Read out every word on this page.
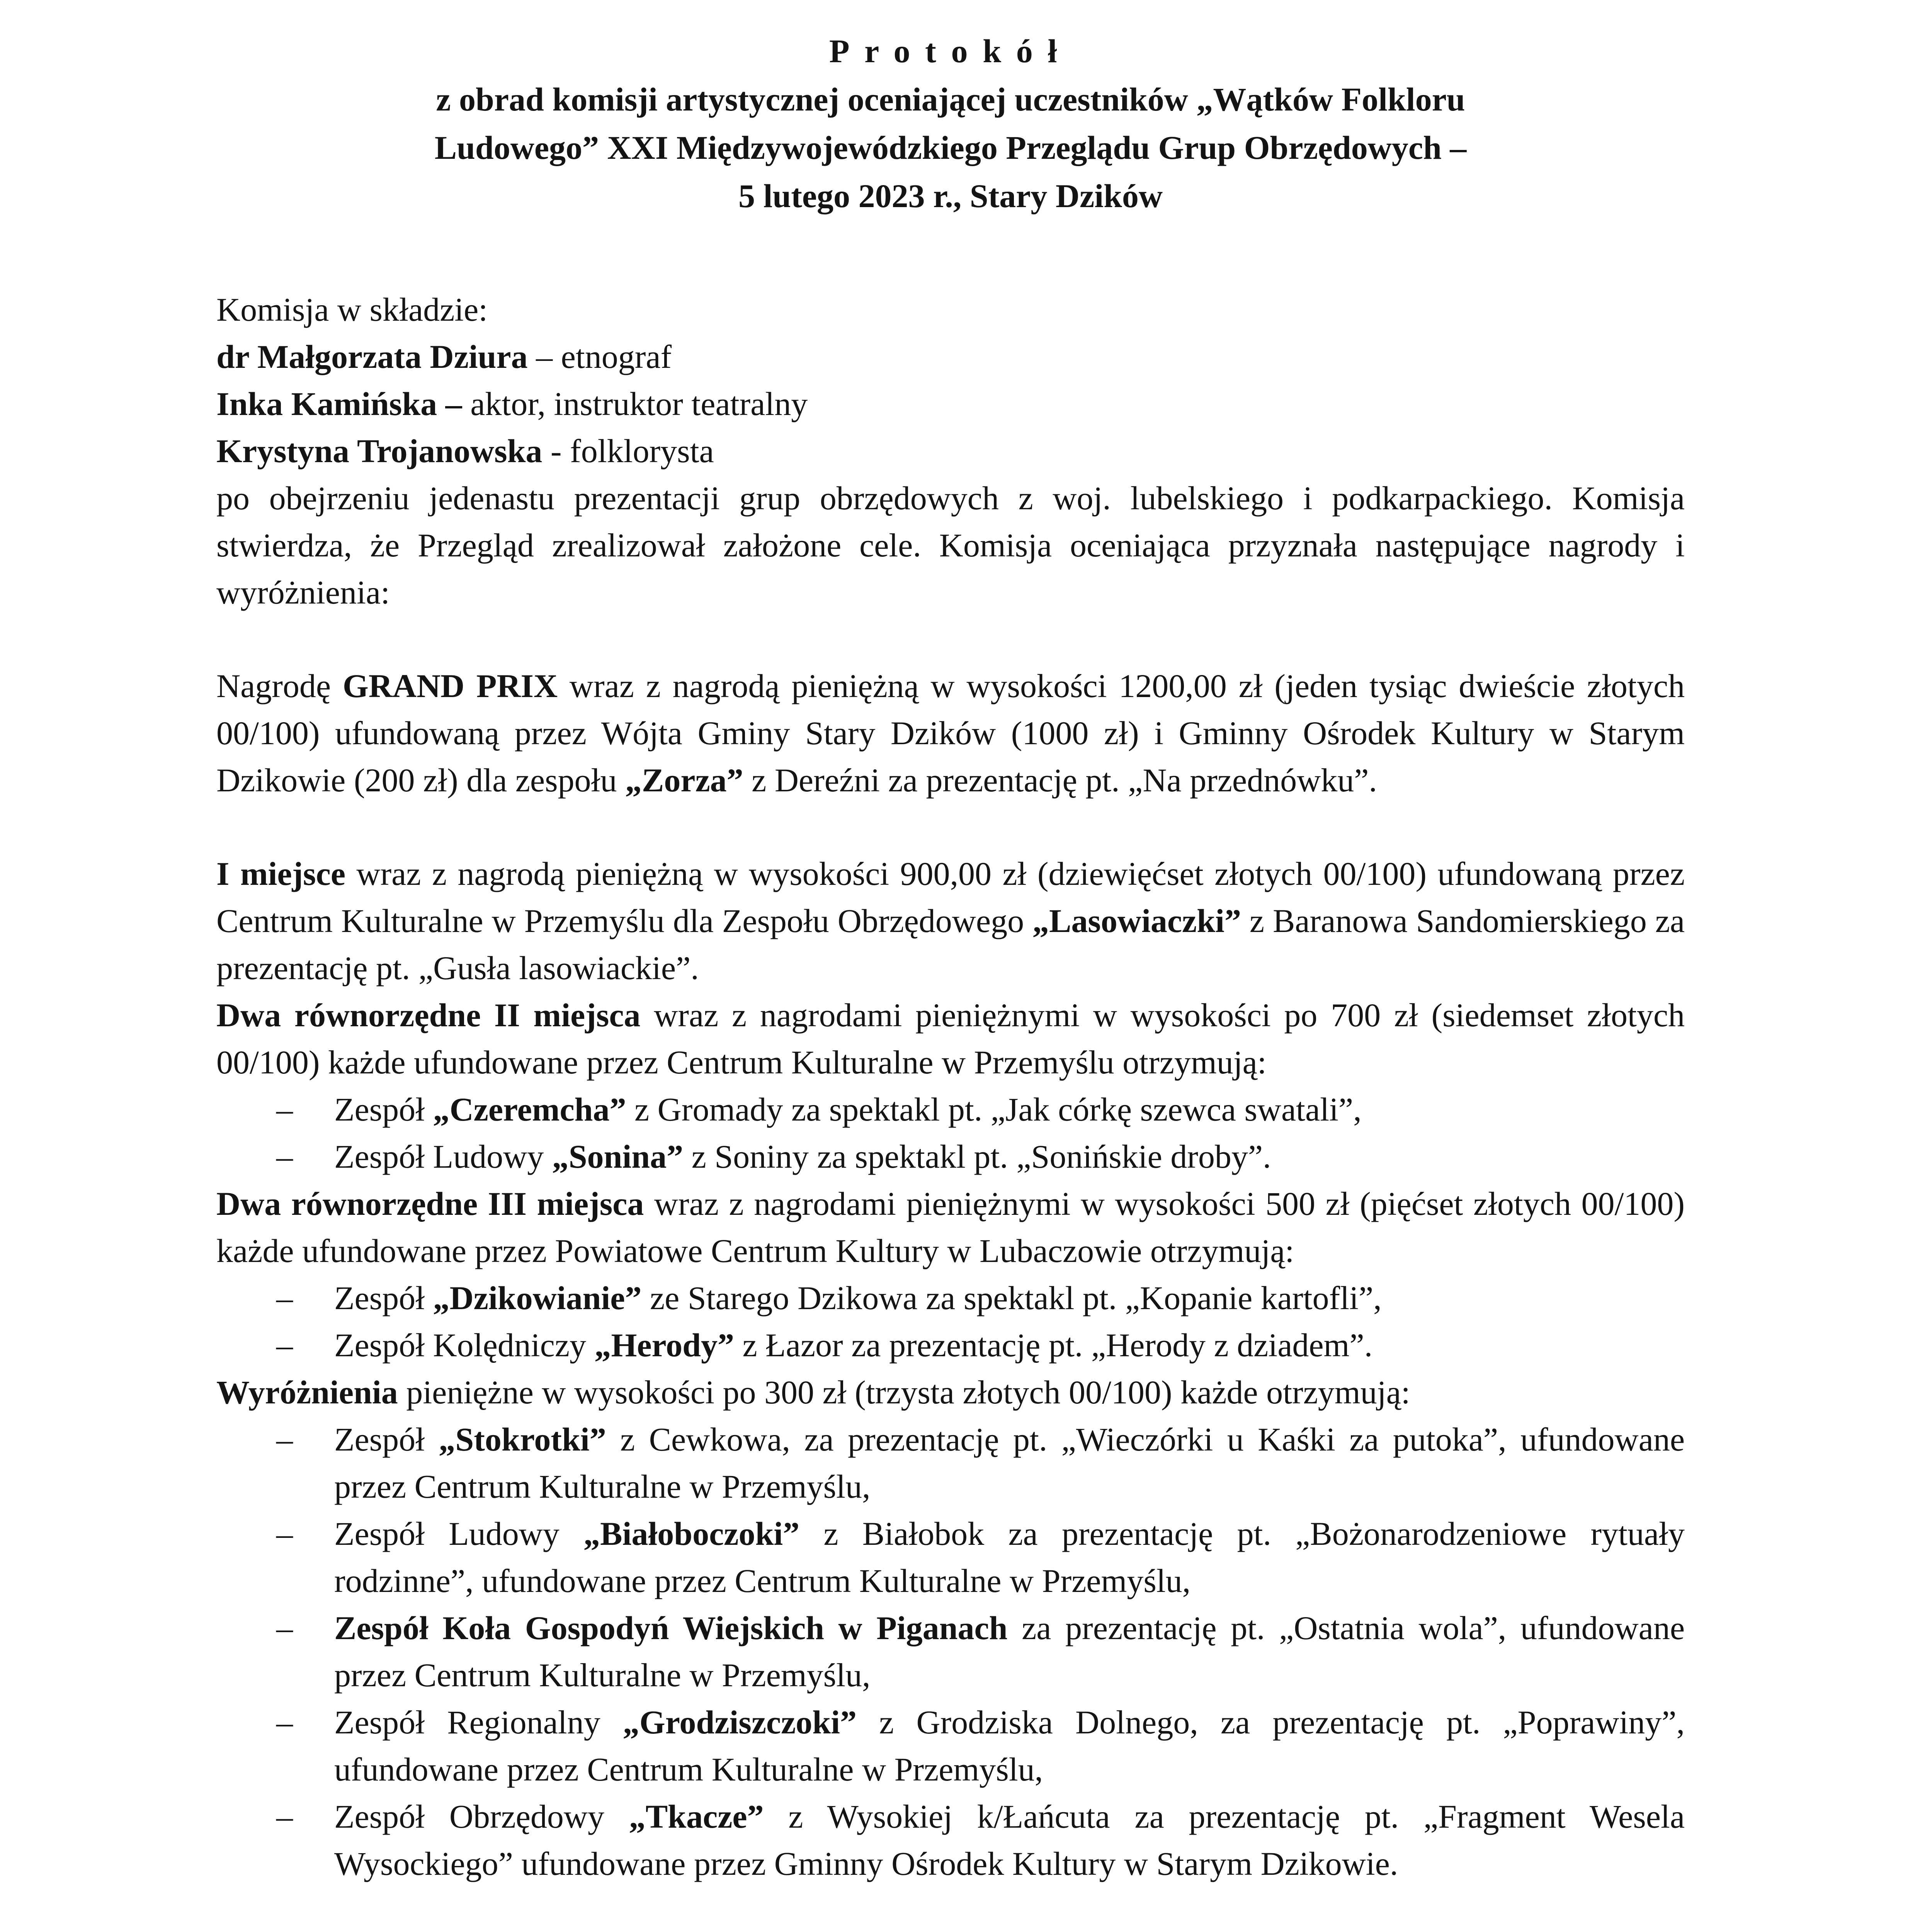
Protokół
z obrad komisji artystycznej oceniającej uczestników „Wątków Folkloru
Ludowego” XXI Międzywojewódzkiego Przeglądu Grup Obrzędowych –
5 lutego 2023 r., Stary Dzików

Komisja w składzie:

dr Małgorzata Dziura – etnograf

Inka Kamińska – aktor, instruktor teatralny

Krystyna Trojanowska - folklorysta

po obejrzeniu jedenastu prezentacji grup obrzędowych z woj. lubelskiego i podkarpackiego. Komisja stwierdza, że Przegląd zrealizował założone cele. Komisja oceniająca przyznała następujące nagrody i wyróżnienia:

Nagrodę GRAND PRIX wraz z nagrodą pieniężną w wysokości 1200,00 zł (jeden tysiąc dwieście złotych 00/100) ufundowaną przez Wójta Gminy Stary Dzików (1000 zł) i Gminny Ośrodek Kultury w Starym Dzikowie (200 zł) dla zespołu „Zorza” z Dereźni za prezentację pt. „Na przednówku”.

I miejsce wraz z nagrodą pieniężną w wysokości 900,00 zł (dziewięćset złotych 00/100) ufundowaną przez Centrum Kulturalne w Przemyślu dla Zespołu Obrzędowego „Lasowiaczki” z Baranowa Sandomierskiego za prezentację pt. „Gusła lasowiackie”.

Dwa równorzędne II miejsca wraz z nagrodami pieniężnymi w wysokości po 700 zł (siedemset złotych 00/100) każde ufundowane przez Centrum Kulturalne w Przemyślu otrzymują:

– Zespół „Czeremcha” z Gromady za spektakl pt. „Jak córkę szewca swatali”,
– Zespół Ludowy „Sonina” z Soniny za spektakl pt. „Sonińskie droby”.

Dwa równorzędne III miejsca wraz z nagrodami pieniężnymi w wysokości 500 zł (pięćset złotych 00/100) każde ufundowane przez Powiatowe Centrum Kultury w Lubaczowie otrzymują:

– Zespół „Dzikowianie” ze Starego Dzikowa za spektakl pt. „Kopanie kartofli”,
– Zespół Kolędniczy „Herody” z Łazor za prezentację pt. „Herody z dziadem”.

Wyróżnienia pieniężne w wysokości po 300 zł (trzysta złotych 00/100) każde otrzymują:

– Zespół „Stokrotki” z Cewkowa, za prezentację pt. „Wieczórki u Kaśki za putoka”, ufundowane przez Centrum Kulturalne w Przemyślu,
– Zespół Ludowy „Białoboczoki” z Białobok za prezentację pt. „Bożonarodzeniowe rytuały rodzinne”, ufundowane przez Centrum Kulturalne w Przemyślu,
– Zespół Koła Gospodyń Wiejskich w Piganach za prezentację pt. „Ostatnia wola”, ufundowane przez Centrum Kulturalne w Przemyślu,
– Zespół Regionalny „Grodziszczoki” z Grodziska Dolnego, za prezentację pt. „Poprawiny”, ufundowane przez Centrum Kulturalne w Przemyślu,
– Zespół Obrzędowy „Tkacze” z Wysokiej k/Łańcuta za prezentację pt. „Fragment Wesela Wysockiego” ufundowane przez Gminny Ośrodek Kultury w Starym Dzikowie.
